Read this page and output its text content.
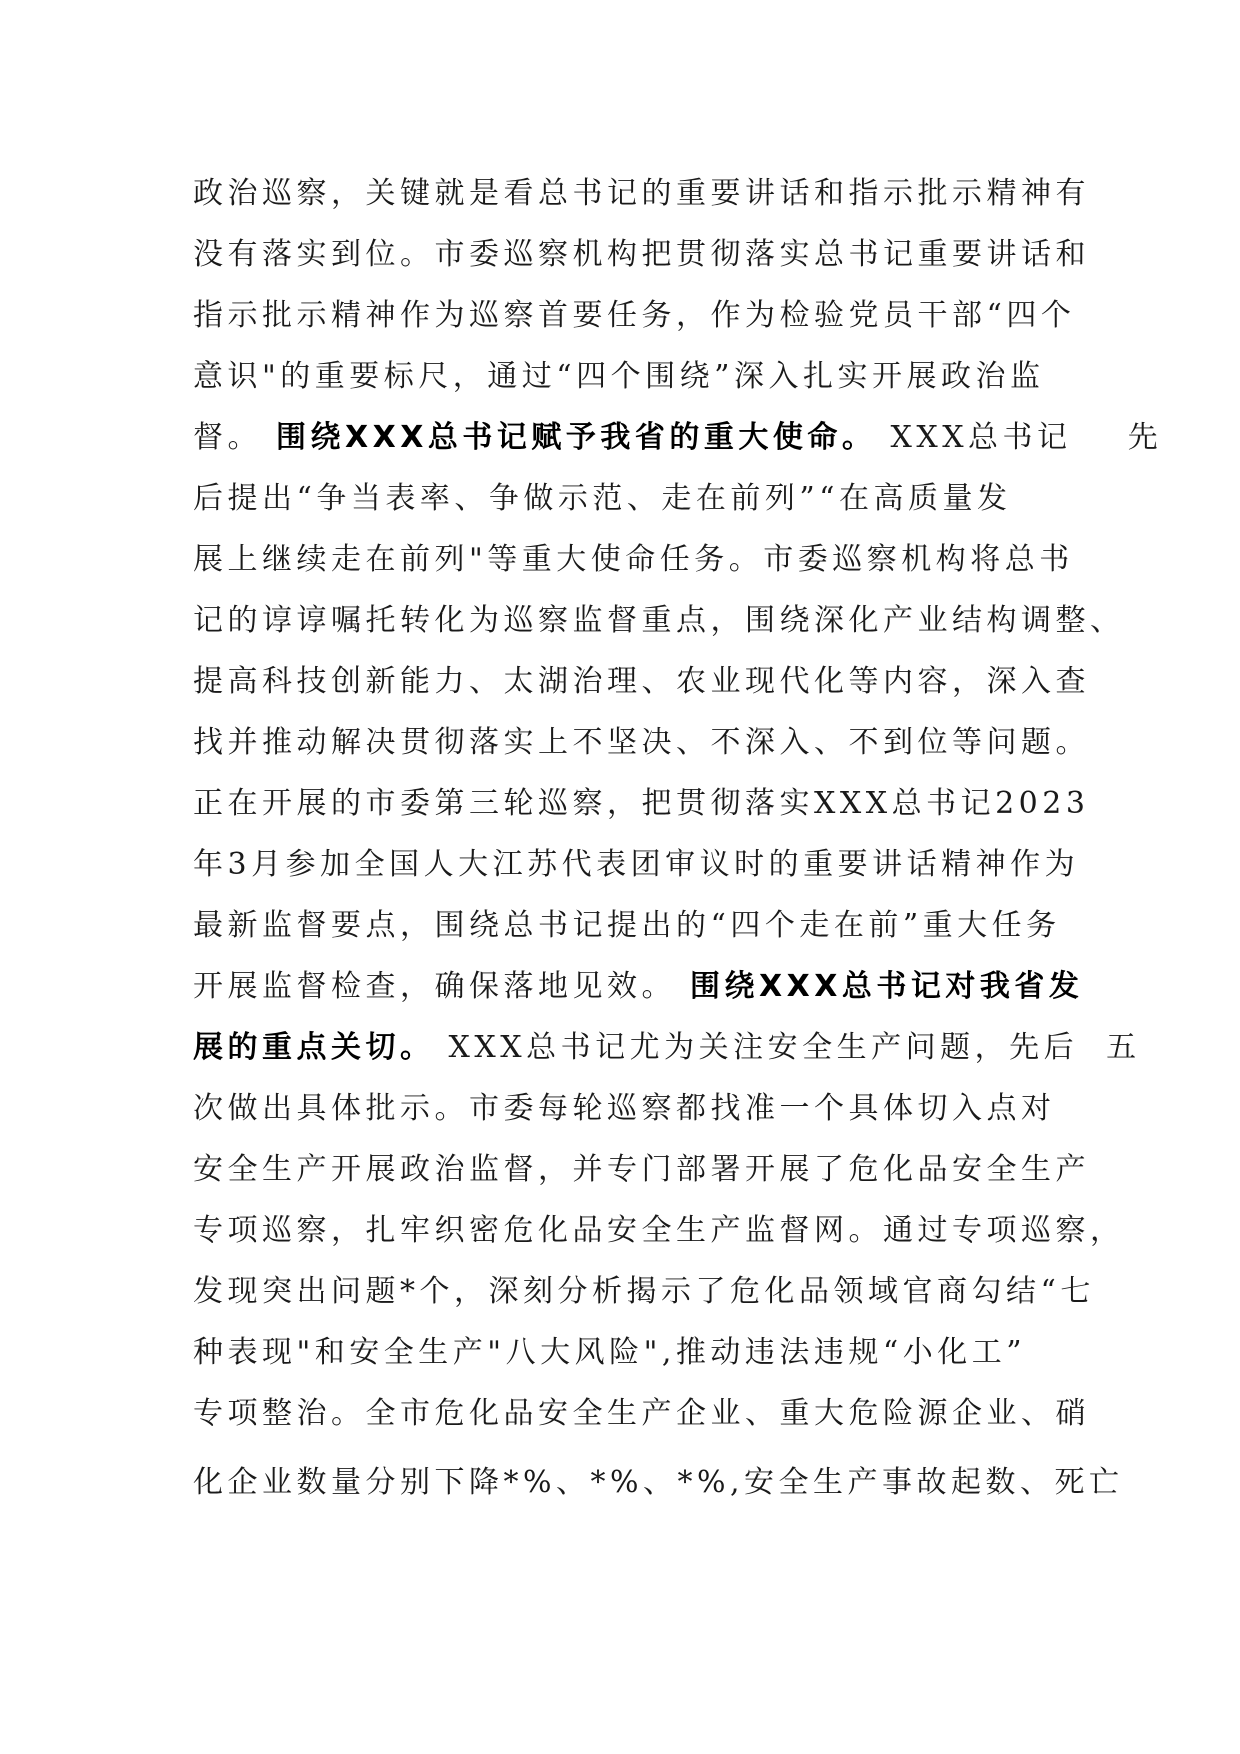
政治巡察，关键就是看总书记的重要讲话和指示批示精神有
没有落实到位。市委巡察机构把贯彻落实总书记重要讲话和
指示批示精神作为巡察首要任务，作为检验党员干部“四个
意识"的重要标尺，通过“四个围绕”深入扎实开展政治监
督。 围绕XXX总书记赋予我省的重大使命。 XXX总书记    先
后提出“争当表率、争做示范、走在前列”“在高质量发
展上继续走在前列"等重大使命任务。市委巡察机构将总书
记的谆谆嘱托转化为巡察监督重点，围绕深化产业结构调整、
提高科技创新能力、太湖治理、农业现代化等内容，深入查
找并推动解决贯彻落实上不坚决、不深入、不到位等问题。
正在开展的市委第三轮巡察，把贯彻落实XXX总书记2023
年3月参加全国人大江苏代表团审议时的重要讲话精神作为
最新监督要点，围绕总书记提出的“四个走在前”重大任务
开展监督检查，确保落地见效。 围绕XXX总书记对我省发
展的重点关切。 XXX总书记尤为关注安全生产问题，先后  五
次做出具体批示。市委每轮巡察都找准一个具体切入点对
安全生产开展政治监督，并专门部署开展了危化品安全生产
专项巡察，扎牢织密危化品安全生产监督网。通过专项巡察，
发现突出问题*个，深刻分析揭示了危化品领域官商勾结“七
种表现"和安全生产"八大风险",推动违法违规“小化工”
专项整治。全市危化品安全生产企业、重大危险源企业、硝
化企业数量分别下降*%、*%、*%,安全生产事故起数、死亡
